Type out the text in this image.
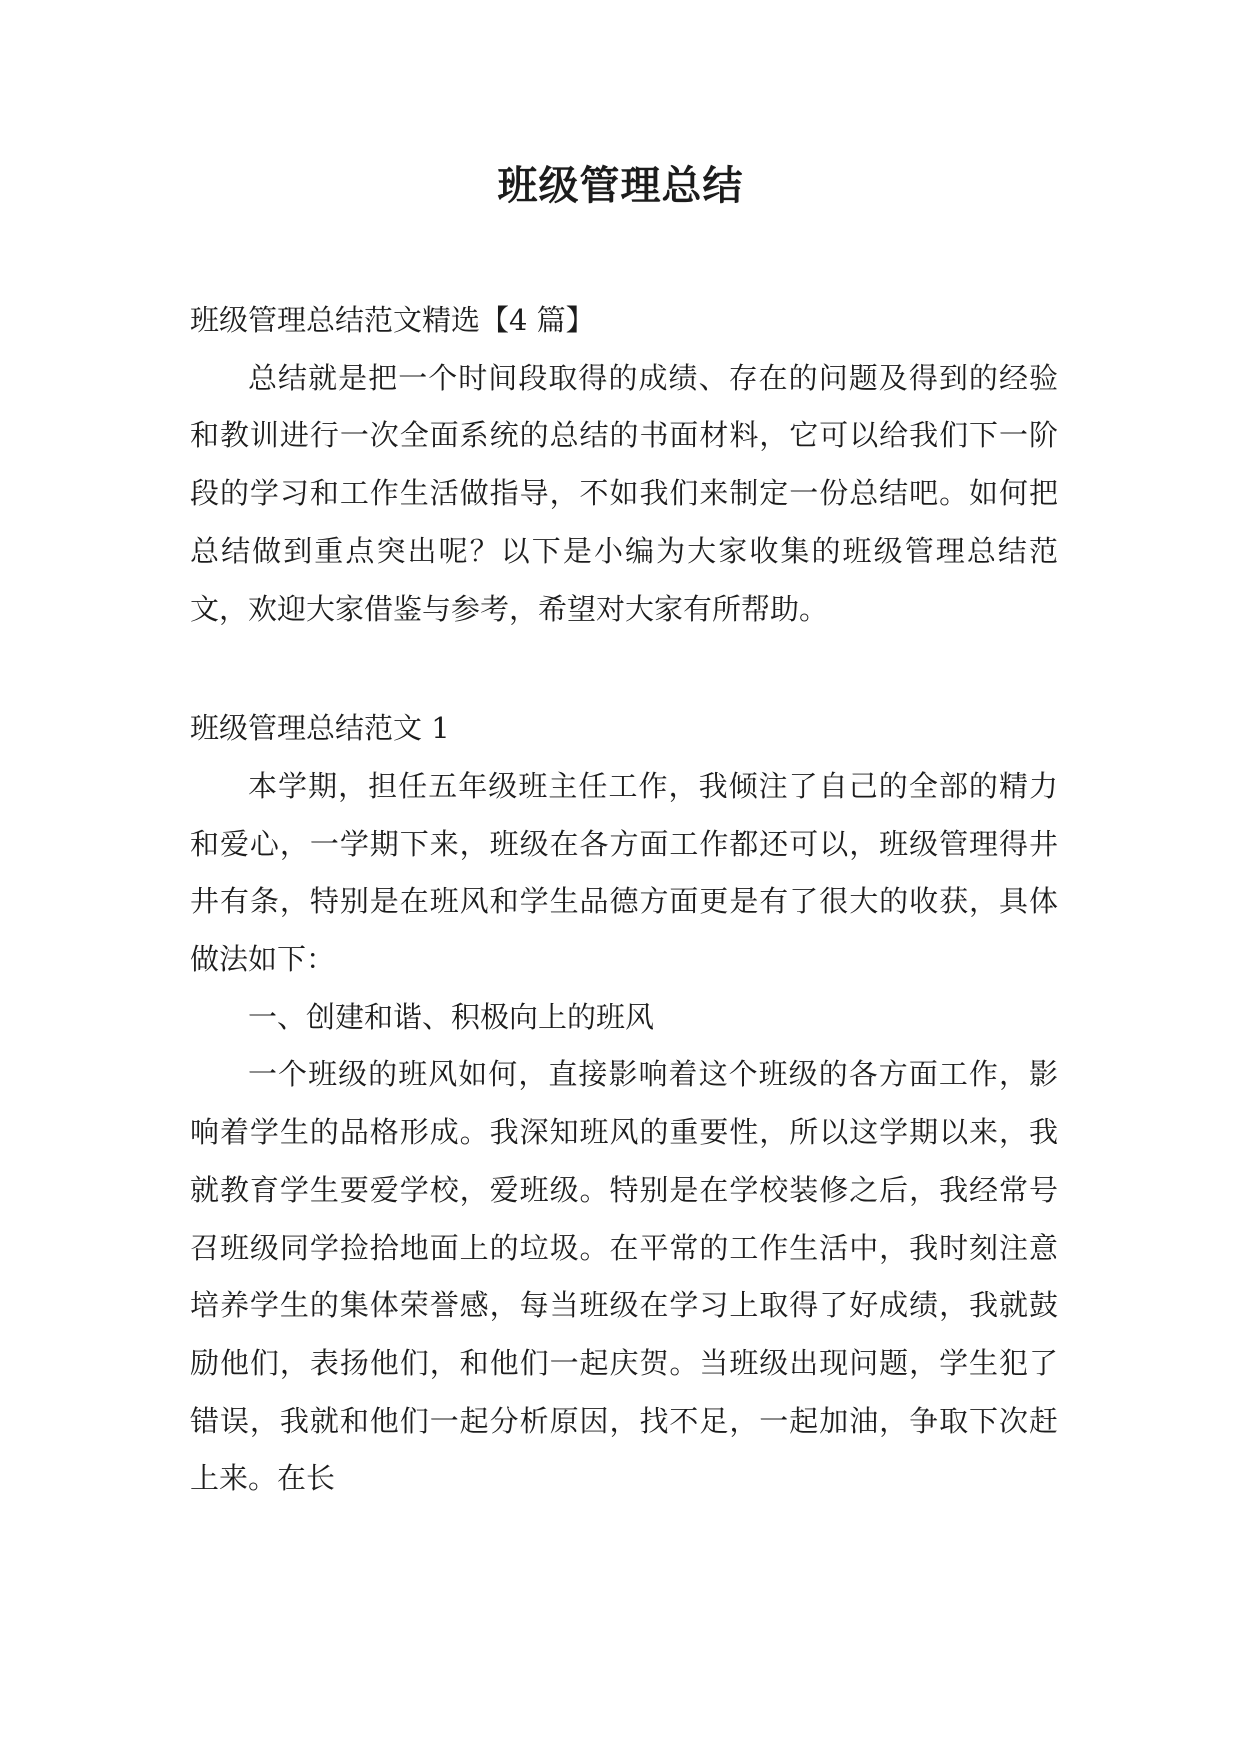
班级管理总结

班级管理总结范文精选【4 篇】

总结就是把一个时间段取得的成绩、存在的问题及得到的经验和教训进行一次全面系统的总结的书面材料，它可以给我们下一阶段的学习和工作生活做指导，不如我们来制定一份总结吧。如何把总结做到重点突出呢？以下是小编为大家收集的班级管理总结范文，欢迎大家借鉴与参考，希望对大家有所帮助。

班级管理总结范文 1

本学期，担任五年级班主任工作，我倾注了自己的全部的精力和爱心，一学期下来，班级在各方面工作都还可以，班级管理得井井有条，特别是在班风和学生品德方面更是有了很大的收获，具体做法如下：

一、创建和谐、积极向上的班风

一个班级的班风如何，直接影响着这个班级的各方面工作，影响着学生的品格形成。我深知班风的重要性，所以这学期以来，我就教育学生要爱学校，爱班级。特别是在学校装修之后，我经常号召班级同学捡拾地面上的垃圾。在平常的工作生活中，我时刻注意培养学生的集体荣誉感，每当班级在学习上取得了好成绩，我就鼓励他们，表扬他们，和他们一起庆贺。当班级出现问题，学生犯了错误，我就和他们一起分析原因，找不足，一起加油，争取下次赶上来。在长
